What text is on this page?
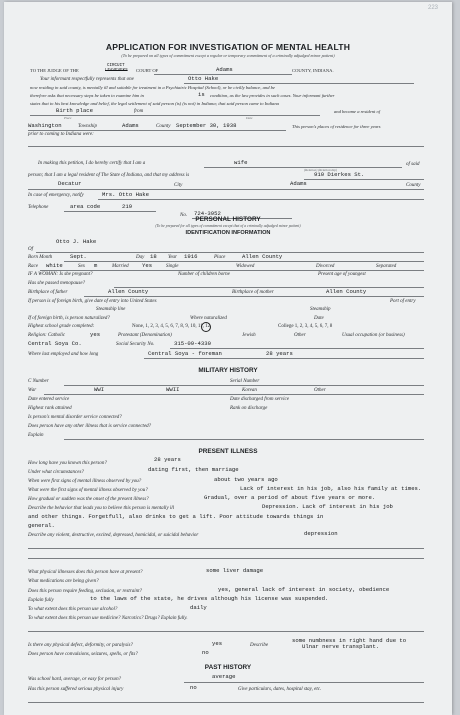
223
APPLICATION FOR INVESTIGATION OF MENTAL HEALTH
(To be prepared on all types of commitment except a regular or temporary commitment of a criminally adjudged minor patient)
TO THE JUDGE OF THE
CIRCUIT
LEAVEVEKS COURT OF	Adams	COUNTY, INDIANA.
Your informant respectfully represents that one	Otto Hake
now residing in said county, is mentally ill and suitable for treatment in a Psychiatric Hospital (School), or be civilly balance, and be
therefore asks that necessary steps be taken to examine him in	is condition, as the law provides in such cases. Your informant further
states that to his best knowledge and belief, the legal settlement of said person (is) (is not) in Indiana; that said person came to Indiana
Birth place	from	and became a resident of
Place	Date
Washington	Township	Adams	County September 30, 1938	This person's places of residence for three years
prior to coming to Indiana were:
In making this petition, I do hereby certify that I am a	wife
(Relation) (Relationship)
of said
person; that I am a legal resident of The State of Indiana, and that my address is	910 Dierkes St.
Decatur	City	Adams	County
In case of emergency, notify	Mrs. Otto Hake
Telephone	area code	219
No. 724-3952
PERSONAL HISTORY
(To be prepared for all types of commitment except that of a criminally adjudged minor patient)
IDENTIFICATION INFORMATION
Of
Otto J. Hake
Born Month	Sept.	Day 18 Year 1916	Place	Allen County
Race white	Sex m	Married Yes	Single	Widowed	Divorced	Separated
IF A WOMAN: Is she pregnant?	Number of children borne	Present age of youngest
Has she passed menopause?
Birthplace of father	Allen County	Birthplace of mother	Allen County
If person is of foreign birth, give date of entry into United States	Port of entry
Steamship line	Steamship
If of foreign birth, is person naturalized?	Where naturalized	Date
Highest school grade completed:	None, 1, 2, 3, 4, 5, 6, 7, 8, 9, 10, 11, 12	College 1, 2, 3, 4, 5, 6, 7, 8
Religion: Catholic	yes	Protestant (Denomination)	Jewish	Other	Usual occupation (or business)
Central Soya Co.	Social Security No.	315-09-4330
Where last employed and how long	Central Soya - foreman	28 years
MILITARY HISTORY
C Number	Serial Number
War	WWI	WWII	Korean	Other
Date entered service	Date discharged from service
Highest rank attained	Rank on discharge
Is person's mental disorder service connected?
Does person have any other illness that is service connected?
Explain
PRESENT ILLNESS
How long have you known this person?
28 years
Under what circumstances?	dating first, then marriage
When were first signs of mental illness observed by you?	about two years ago
What were the first signs of mental illness observed by you?	Lack of interest in his job, also his family at times.
How gradual or sudden was the onset of the present illness?	Gradual, over a period of about five years or more.
Describe the behavior that leads you to believe this person is mentally ill	Depression. Lack of interest in his job
and other things. Forgetfull, also drinks to get a lift. Poor attitude towards things in
general.
Describe any violent, destructive, excited, depressed, homicidal, or suicidal behavior	depression
What physical illnesses does this person have at present?	some liver damage
What medications are being given?
Does this person require feeding, seclusion, or restraint?	yes, general lack of interest in society, obedience
Explain fully	to the laws of the state, he drives although his license was suspended.
To what extent does this person use alcohol?	daily
To what extent does this person use medicine? Narcotics? Drugs? Explain fully.
Is there any physical defect, deformity, or paralysis?	yes	Describe
some numbness in right hand due to
Ulnar nerve transplant.
Does person have convulsions, seizures, spells, or fits?	no
PAST HISTORY
Was school hard, average, or easy for person?	average
Has this person suffered serious physical injury	no	Give particulars, dates, hospital stay, etc.
